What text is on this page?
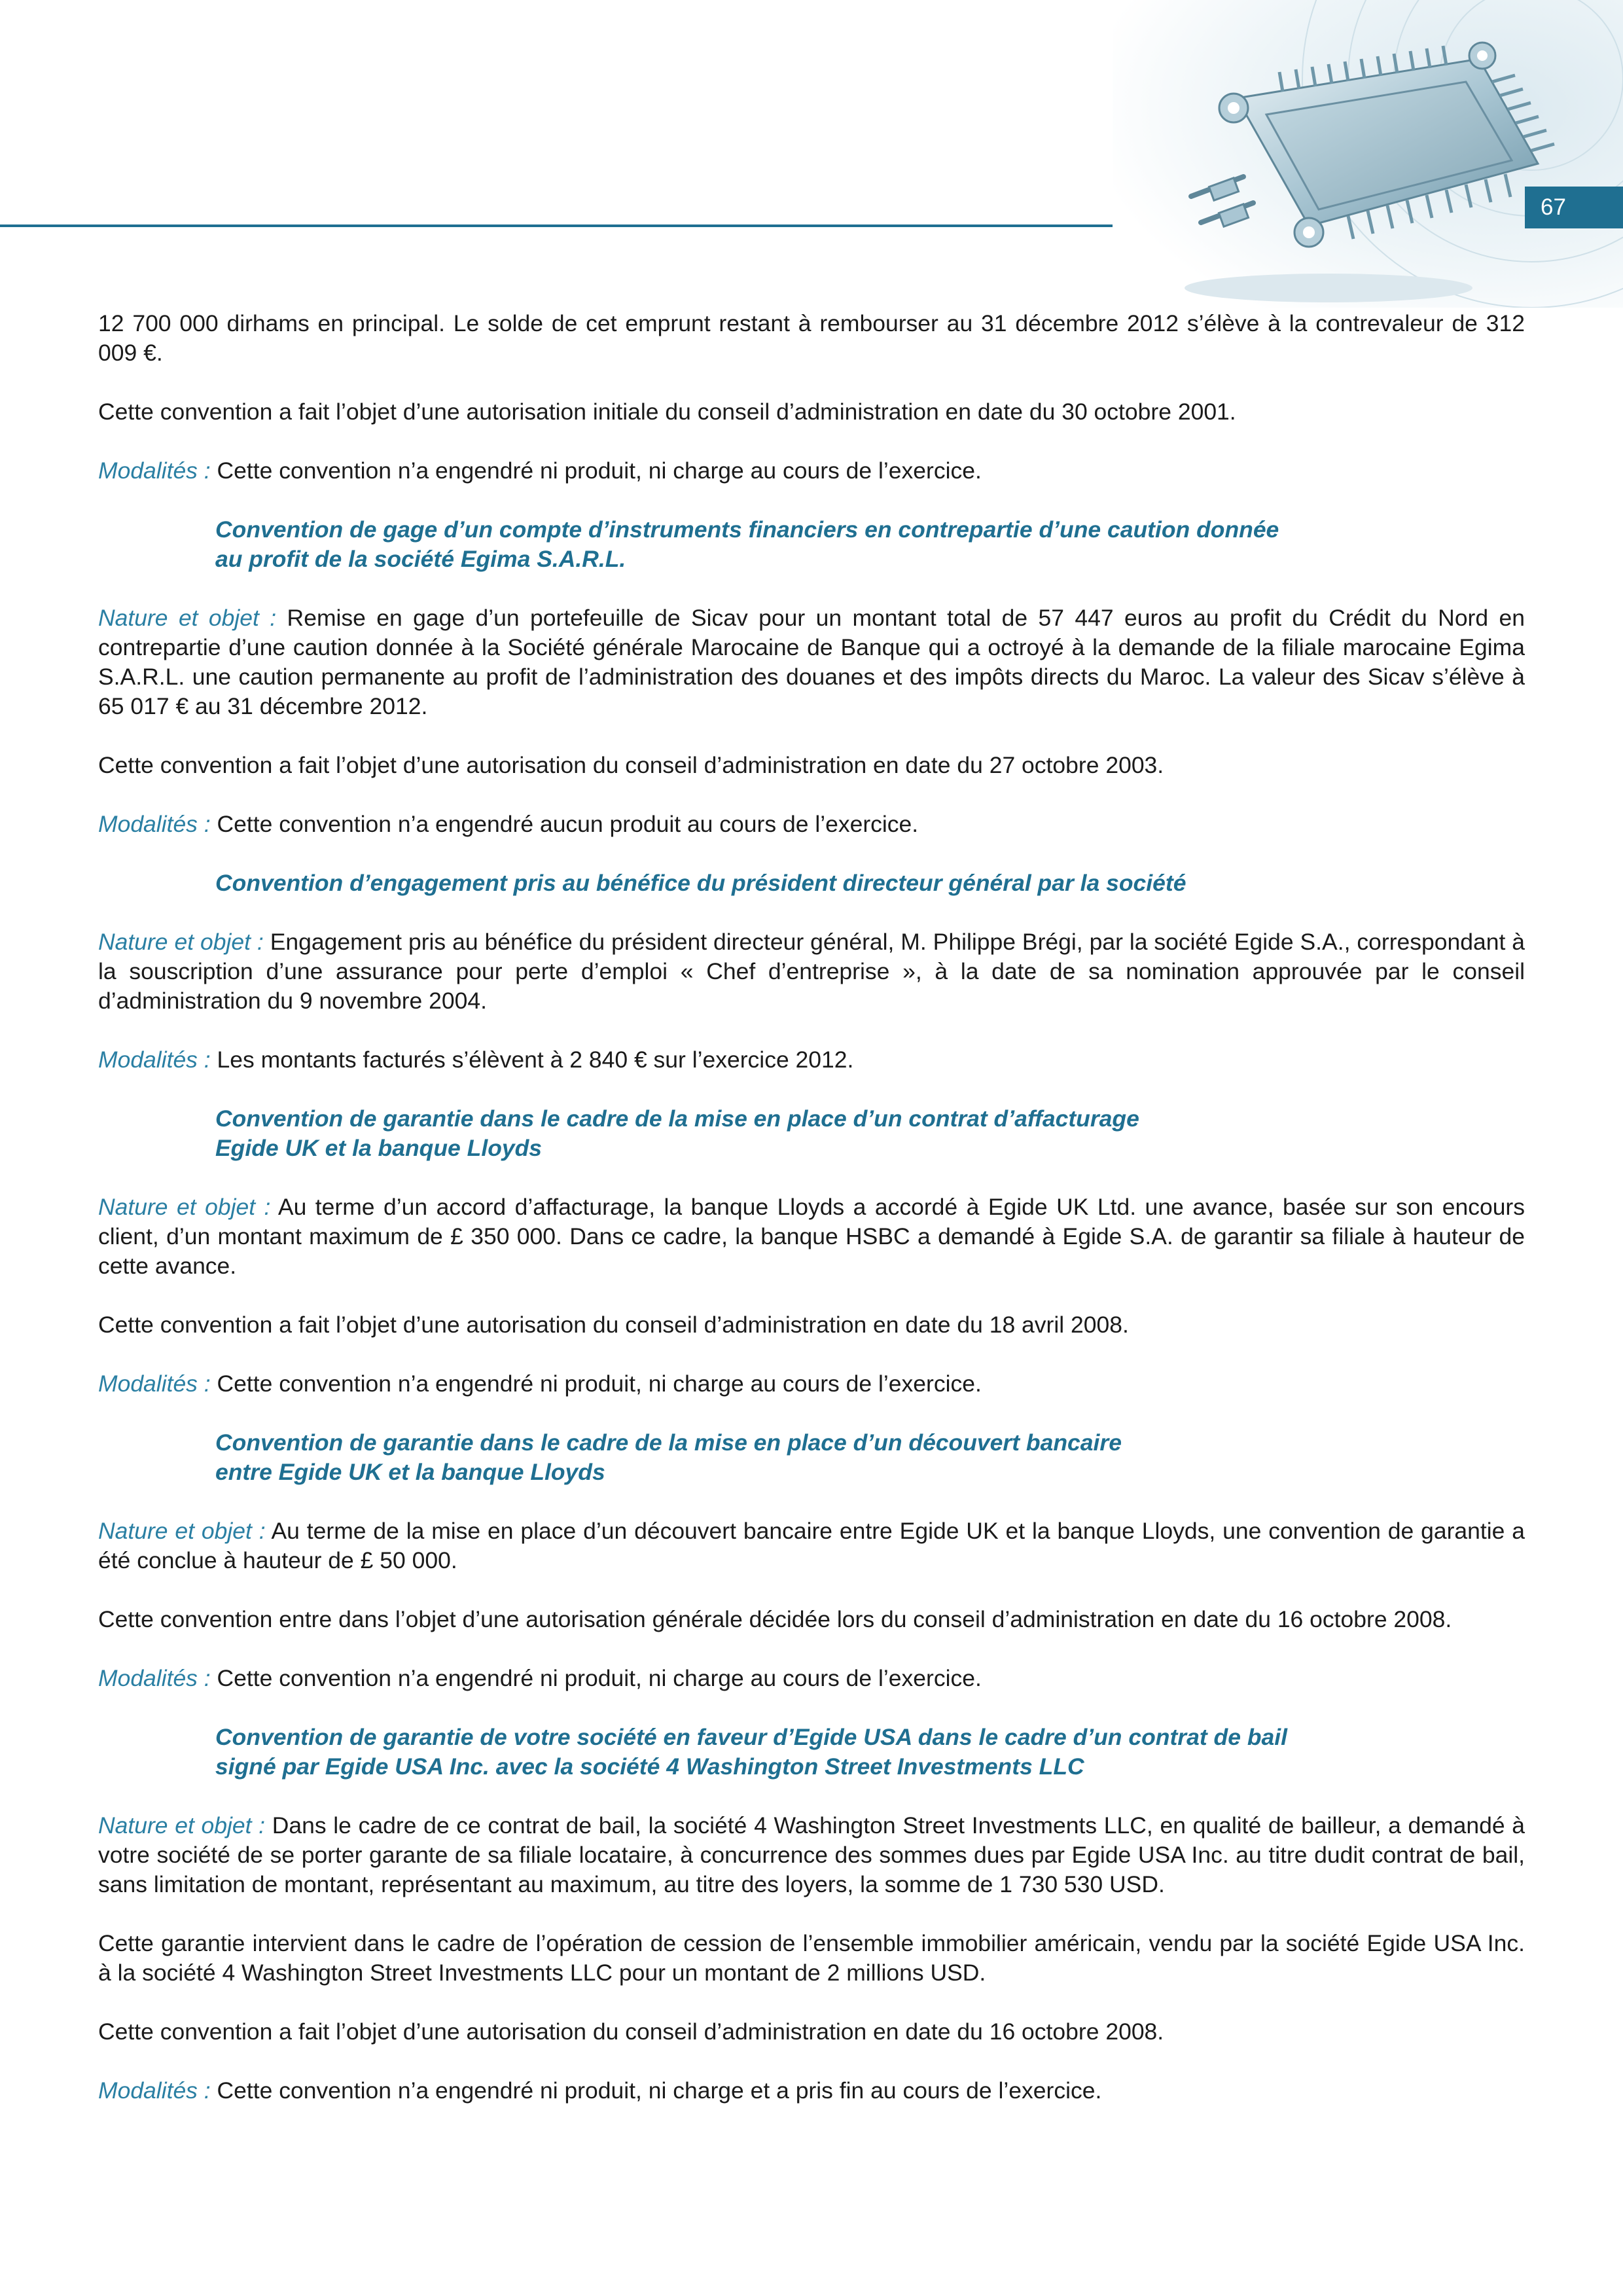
67

12 700 000 dirhams en principal. Le solde de cet emprunt restant à rembourser au 31 décembre 2012 s’élève à la contrevaleur de 312 009 €.

Cette convention a fait l’objet d’une autorisation initiale du conseil d’administration en date du 30 octobre 2001.

Modalités : Cette convention n’a engendré ni produit, ni charge au cours de l’exercice.

Convention de gage d’un compte d’instruments financiers en contrepartie d’une caution donnée
au profit de la société Egima S.A.R.L.

Nature et objet : Remise en gage d’un portefeuille de Sicav pour un montant total de 57 447 euros au profit du Crédit du Nord en contrepartie d’une caution donnée à la Société générale Marocaine de Banque qui a octroyé à la demande de la filiale marocaine Egima S.A.R.L. une caution permanente au profit de l’administration des douanes et des impôts directs du Maroc. La valeur des Sicav s’élève à 65 017 € au 31 décembre 2012.

Cette convention a fait l’objet d’une autorisation du conseil d’administration en date du 27 octobre 2003.

Modalités : Cette convention n’a engendré aucun produit au cours de l’exercice.

Convention d’engagement pris au bénéfice du président directeur général par la société

Nature et objet : Engagement pris au bénéfice du président directeur général, M. Philippe Brégi, par la société Egide S.A., correspondant à la souscription d’une assurance pour perte d’emploi « Chef d’entreprise », à la date de sa nomination approuvée par le conseil d’administration du 9 novembre 2004.

Modalités : Les montants facturés s’élèvent à 2 840 € sur l’exercice 2012.

Convention de garantie dans le cadre de la mise en place d’un contrat d’affacturage
Egide UK et la banque Lloyds

Nature et objet : Au terme d’un accord d’affacturage, la banque Lloyds a accordé à Egide UK Ltd. une avance, basée sur son encours client, d’un montant maximum de £ 350 000. Dans ce cadre, la banque HSBC a demandé à Egide S.A. de garantir sa filiale à hauteur de cette avance.

Cette convention a fait l’objet d’une autorisation du conseil d’administration en date du 18 avril 2008.

Modalités : Cette convention n’a engendré ni produit, ni charge au cours de l’exercice.

Convention de garantie dans le cadre de la mise en place d’un découvert bancaire
entre Egide UK et la banque Lloyds

Nature et objet : Au terme de la mise en place d’un découvert bancaire entre Egide UK et la banque Lloyds, une convention de garantie a été conclue à hauteur de £ 50 000.

Cette convention entre dans l’objet d’une autorisation générale décidée lors du conseil d’administration en date du 16 octobre 2008.

Modalités : Cette convention n’a engendré ni produit, ni charge au cours de l’exercice.

Convention de garantie de votre société en faveur d’Egide USA dans le cadre d’un contrat de bail
signé par Egide USA Inc. avec la société 4 Washington Street Investments LLC

Nature et objet : Dans le cadre de ce contrat de bail, la société 4 Washington Street Investments LLC, en qualité de bailleur, a demandé à votre société de se porter garante de sa filiale locataire, à concurrence des sommes dues par Egide USA Inc. au titre dudit contrat de bail, sans limitation de montant, représentant au maximum, au titre des loyers, la somme de 1 730 530 USD.

Cette garantie intervient dans le cadre de l’opération de cession de l’ensemble immobilier américain, vendu par la société Egide USA Inc. à la société 4 Washington Street Investments LLC pour un montant de 2 millions USD.

Cette convention a fait l’objet d’une autorisation du conseil d’administration en date du 16 octobre 2008.

Modalités : Cette convention n’a engendré ni produit, ni charge et a pris fin au cours de l’exercice.
